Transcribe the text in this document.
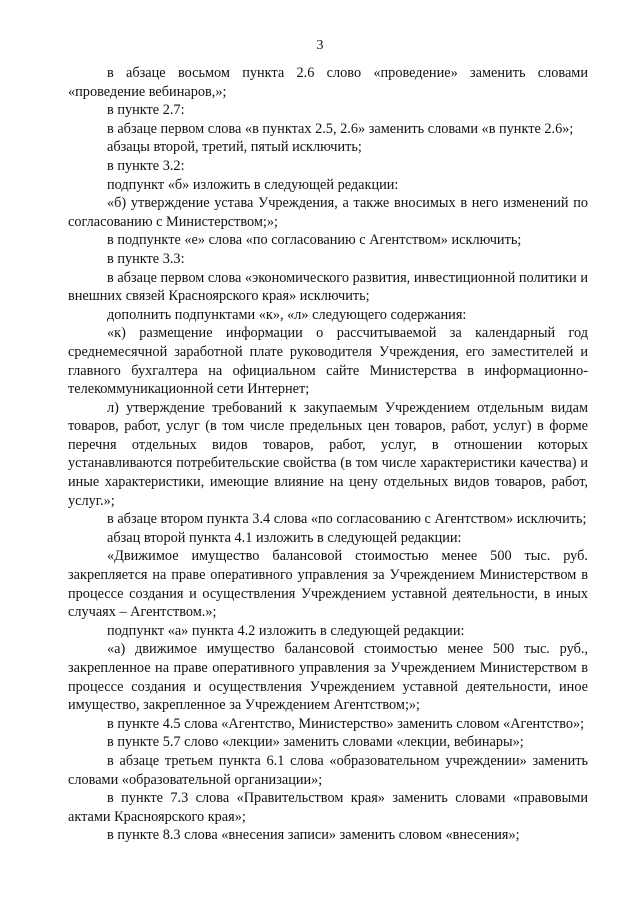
3

в абзаце восьмом пункта 2.6 слово «проведение» заменить словами «проведение вебинаров,»;

в пункте 2.7:

в абзаце первом слова «в пунктах 2.5, 2.6» заменить словами «в пункте 2.6»;

абзацы второй, третий, пятый исключить;

в пункте 3.2:

подпункт «б» изложить в следующей редакции:

«б) утверждение устава Учреждения, а также вносимых в него изменений по согласованию с Министерством;»;

в подпункте «е» слова «по согласованию с Агентством» исключить;

в пункте 3.3:

в абзаце первом слова «экономического развития, инвестиционной политики и внешних связей Красноярского края» исключить;

дополнить подпунктами «к», «л» следующего содержания:

«к) размещение информации о рассчитываемой за календарный год среднемесячной заработной плате руководителя Учреждения, его заместителей и главного бухгалтера на официальном сайте Министерства в информационно-телекоммуникационной сети Интернет;

л) утверждение требований к закупаемым Учреждением отдельным видам товаров, работ, услуг (в том числе предельных цен товаров, работ, услуг) в форме перечня отдельных видов товаров, работ, услуг, в отношении которых устанавливаются потребительские свойства (в том числе характеристики качества) и иные характеристики, имеющие влияние на цену отдельных видов товаров, работ, услуг.»;

в абзаце втором пункта 3.4 слова «по согласованию с Агентством» исключить;

абзац второй пункта 4.1 изложить в следующей редакции:

«Движимое имущество балансовой стоимостью менее 500 тыс. руб. закрепляется на праве оперативного управления за Учреждением Министерством в процессе создания и осуществления Учреждением уставной деятельности, в иных случаях – Агентством.»;

подпункт «а» пункта 4.2 изложить в следующей редакции:

«а) движимое имущество балансовой стоимостью менее 500 тыс. руб., закрепленное на праве оперативного управления за Учреждением Министерством в процессе создания и осуществления Учреждением уставной деятельности, иное имущество, закрепленное за Учреждением Агентством;»;

в пункте 4.5 слова «Агентство, Министерство» заменить словом «Агентство»;

в пункте 5.7 слово «лекции» заменить словами «лекции, вебинары»;

в абзаце третьем пункта 6.1 слова «образовательном учреждении» заменить словами «образовательной организации»;

в пункте 7.3 слова «Правительством края» заменить словами «правовыми актами Красноярского края»;

в пункте 8.3 слова «внесения записи» заменить словом «внесения»;
